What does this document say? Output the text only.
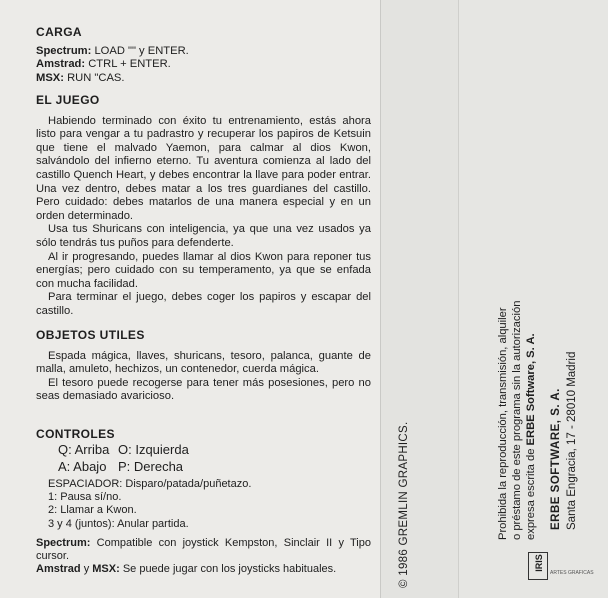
CARGA
Spectrum: LOAD "" y ENTER.
Amstrad: CTRL + ENTER.
MSX: RUN "CAS.
EL JUEGO

Habiendo terminado con éxito tu entrenamiento, estás ahora listo para vengar a tu padrastro y recuperar los papiros de Ketsuin que tiene el malvado Yaemon, para calmar al dios Kwon, salvándolo del infierno eterno. Tu aventura comienza al lado del castillo Quench Heart, y debes encontrar la llave para poder entrar. Una vez dentro, debes matar a los tres guardianes del castillo. Pero cuidado: debes matarlos de una manera especial y en un orden determinado.

Usa tus Shuricans con inteligencia, ya que una vez usados ya sólo tendrás tus puños para defenderte.

Al ir progresando, puedes llamar al dios Kwon para reponer tus energías; pero cuidado con su temperamento, ya que se enfada con mucha facilidad.

Para terminar el juego, debes coger los papiros y escapar del castillo.

OBJETOS UTILES

Espada mágica, llaves, shuricans, tesoro, palanca, guante de malla, amuleto, hechizos, un contenedor, cuerda mágica.

El tesoro puede recogerse para tener más posesiones, pero no seas demasiado avaricioso.

CONTROLES
Q: Arriba O: Izquierda
A: Abajo P: Derecha
ESPACIADOR: Disparo/patada/puñetazo.
1: Pausa sí/no.
2: Llamar a Kwon.
3 y 4 (juntos): Anular partida.

Spectrum: Compatible con joystick Kempston, Sinclair II y Tipo cursor.

Amstrad y MSX: Se puede jugar con los joysticks habituales.	© 1986 GREMLIN GRAPHICS.	Prohibida la reproducción, transmisión, alquiler o préstamo de este programa sin la autorización expresa escrita de ERBE Software, S. A. ERBE SOFTWARE, S. A. Santa Engracia, 17 - 28010 Madrid
IRIS
ARTES GRAFICAS
